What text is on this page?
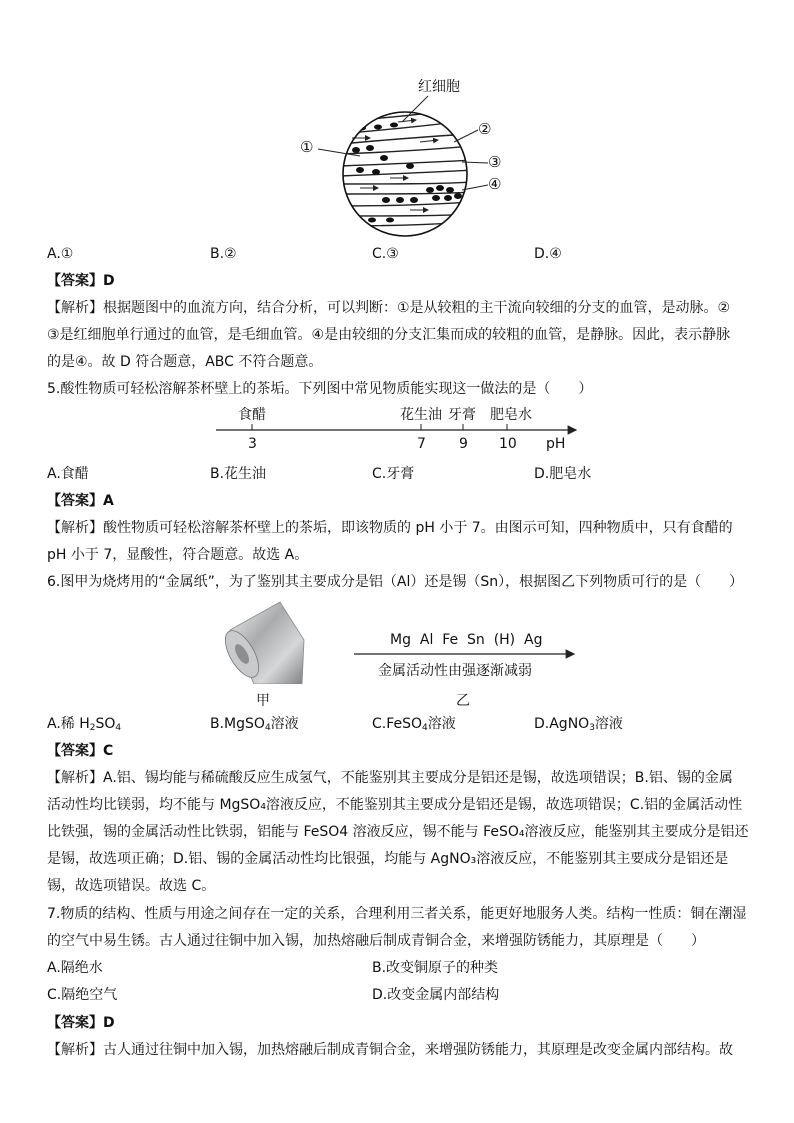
红细胞
①
②
③
④
A.①	B.②	C.③	D.④
【答案】D
【解析】根据题图中的血流方向，结合分析，可以判断：①是从较粗的主干流向较细的分支的血管，是动脉。②
③是红细胞单行通过的血管，是毛细血管。④是由较细的分支汇集而成的较粗的血管，是静脉。因此，表示静脉
的是④。故 D 符合题意，ABC 不符合题意。
5.酸性物质可轻松溶解茶杯壁上的茶垢。下列图中常见物质能实现这一做法的是（　　）
食醋	花生油 牙膏 肥皂水
3	7 9 10 pH
A.食醋	B.花生油	C.牙膏	D.肥皂水
【答案】A
【解析】酸性物质可轻松溶解茶杯壁上的茶垢，即该物质的 pH 小于 7。由图示可知，四种物质中，只有食醋的
pH 小于 7，显酸性，符合题意。故选 A。
6.图甲为烧烤用的“金属纸”，为了鉴别其主要成分是铝（Al）还是锡（Sn），根据图乙下列物质可行的是（　　）
甲
Mg  Al  Fe  Sn  (H)  Ag
金属活动性由强逐渐减弱
乙
A.稀 $H_2SO_4$	B.MgSO$_4$溶液	C.FeSO$_4$溶液	D.AgNO$_3$溶液
【答案】C
【解析】A.铝、锡均能与稀硫酸反应生成氢气，不能鉴别其主要成分是铝还是锡，故选项错误；B.铝、锡的金属
活动性均比镁弱，均不能与 MgSO₄溶液反应，不能鉴别其主要成分是铝还是锡，故选项错误；C.铝的金属活动性
比铁强，锡的金属活动性比铁弱，铝能与 FeSO4 溶液反应，锡不能与 FeSO₄溶液反应，能鉴别其主要成分是铝还
是锡，故选项正确；D.铝、锡的金属活动性均比银强，均能与 AgNO₃溶液反应，不能鉴别其主要成分是铝还是
锡，故选项错误。故选 C。
7.物质的结构、性质与用途之间存在一定的关系，合理利用三者关系，能更好地服务人类。结构一性质：铜在潮湿
的空气中易生锈。古人通过往铜中加入锡，加热熔融后制成青铜合金，来增强防锈能力，其原理是（　　）
A.隔绝水	B.改变铜原子的种类
C.隔绝空气	D.改变金属内部结构
【答案】D
【解析】古人通过往铜中加入锡，加热熔融后制成青铜合金，来增强防锈能力，其原理是改变金属内部结构。故
